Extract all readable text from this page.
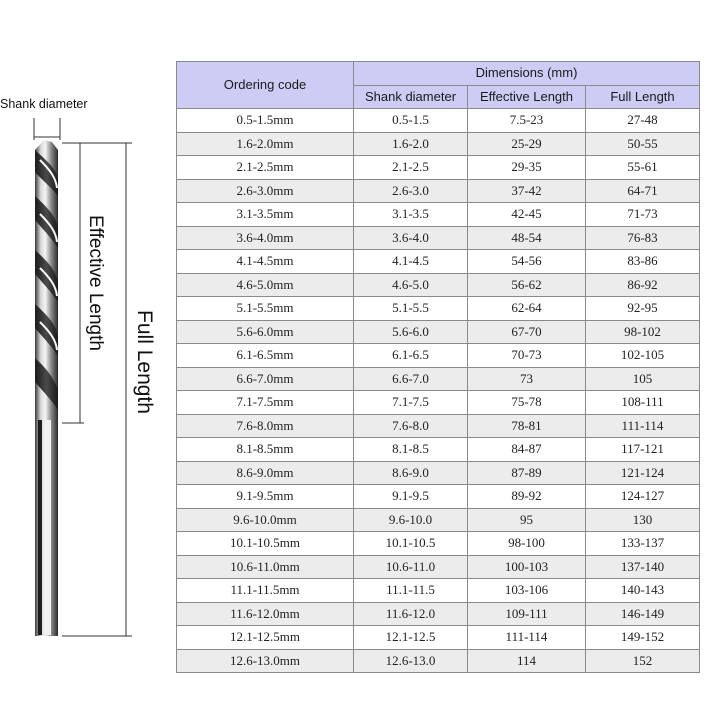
Shank diameter
Effective Length
Full Length
Ordering code	Dimensions (mm)		
	Shank diameter	Effective Length	Full Length
0.5-1.5mm	0.5-1.5	7.5-23	27-48
1.6-2.0mm	1.6-2.0	25-29	50-55
2.1-2.5mm	2.1-2.5	29-35	55-61
2.6-3.0mm	2.6-3.0	37-42	64-71
3.1-3.5mm	3.1-3.5	42-45	71-73
3.6-4.0mm	3.6-4.0	48-54	76-83
4.1-4.5mm	4.1-4.5	54-56	83-86
4.6-5.0mm	4.6-5.0	56-62	86-92
5.1-5.5mm	5.1-5.5	62-64	92-95
5.6-6.0mm	5.6-6.0	67-70	98-102
6.1-6.5mm	6.1-6.5	70-73	102-105
6.6-7.0mm	6.6-7.0	73	105
7.1-7.5mm	7.1-7.5	75-78	108-111
7.6-8.0mm	7.6-8.0	78-81	111-114
8.1-8.5mm	8.1-8.5	84-87	117-121
8.6-9.0mm	8.6-9.0	87-89	121-124
9.1-9.5mm	9.1-9.5	89-92	124-127
9.6-10.0mm	9.6-10.0	95	130
10.1-10.5mm	10.1-10.5	98-100	133-137
10.6-11.0mm	10.6-11.0	100-103	137-140
11.1-11.5mm	11.1-11.5	103-106	140-143
11.6-12.0mm	11.6-12.0	109-111	146-149
12.1-12.5mm	12.1-12.5	111-114	149-152
12.6-13.0mm	12.6-13.0	114	152
